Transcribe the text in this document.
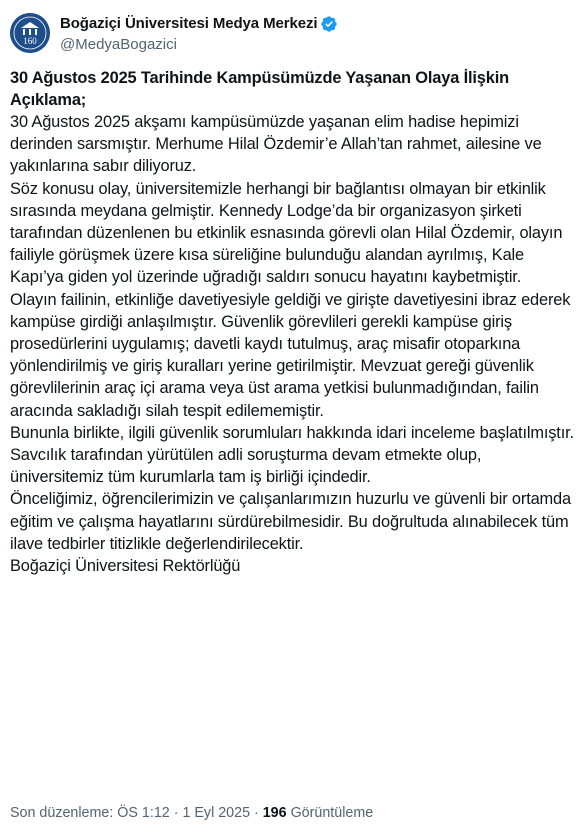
160
Boğaziçi Üniversitesi Medya Merkezi
@MedyaBogazici

30 Ağustos 2025 Tarihinde Kampüsümüzde Yaşanan Olaya İlişkin Açıklama;

30 Ağustos 2025 akşamı kampüsümüzde yaşanan elim hadise hepimizi derinden sarsmıştır. Merhume Hilal Özdemir’e Allah’tan rahmet, ailesine ve yakınlarına sabır diliyoruz.

Söz konusu olay, üniversitemizle herhangi bir bağlantısı olmayan bir etkinlik sırasında meydana gelmiştir. Kennedy Lodge’da bir organizasyon şirketi tarafından düzenlenen bu etkinlik esnasında görevli olan Hilal Özdemir, olayın failiyle görüşmek üzere kısa süreliğine bulunduğu alandan ayrılmış, Kale Kapı’ya giden yol üzerinde uğradığı saldırı sonucu hayatını kaybetmiştir.

Olayın failinin, etkinliğe davetiyesiyle geldiği ve girişte davetiyesini ibraz ederek kampüse girdiği anlaşılmıştır. Güvenlik görevlileri gerekli kampüse giriş prosedürlerini uygulamış; davetli kaydı tutulmuş, araç misafir otoparkına yönlendirilmiş ve giriş kuralları yerine getirilmiştir. Mevzuat gereği güvenlik görevlilerinin araç içi arama veya üst arama yetkisi bulunmadığından, failin aracında sakladığı silah tespit edilememiştir.

Bununla birlikte, ilgili güvenlik sorumluları hakkında idari inceleme başlatılmıştır. Savcılık tarafından yürütülen adli soruşturma devam etmekte olup, üniversitemiz tüm kurumlarla tam iş birliği içindedir.

Önceliğimiz, öğrencilerimizin ve çalışanlarımızın huzurlu ve güvenli bir ortamda eğitim ve çalışma hayatlarını sürdürebilmesidir. Bu doğrultuda alınabilecek tüm ilave tedbirler titizlikle değerlendirilecektir.

Boğaziçi Üniversitesi Rektörlüğü

Son düzenleme: ÖS 1:12 · 1 Eyl 2025 · 196 Görüntüleme
